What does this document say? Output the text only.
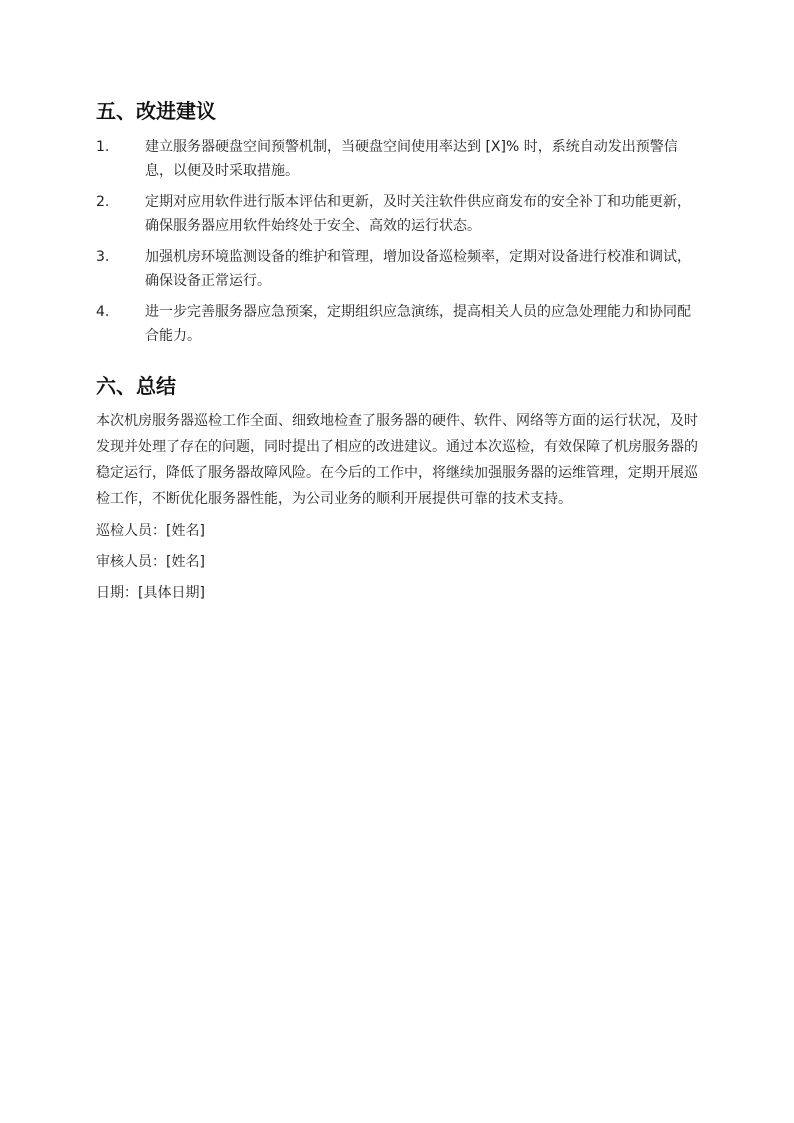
五、改进建议
1.	建立服务器硬盘空间预警机制，当硬盘空间使用率达到 [X]% 时，系统自动发出预警信息，以便及时采取措施。
2.	定期对应用软件进行版本评估和更新，及时关注软件供应商发布的安全补丁和功能更新，确保服务器应用软件始终处于安全、高效的运行状态。
3.	加强机房环境监测设备的维护和管理，增加设备巡检频率，定期对设备进行校准和调试，确保设备正常运行。
4.	进一步完善服务器应急预案，定期组织应急演练，提高相关人员的应急处理能力和协同配合能力。
六、总结

本次机房服务器巡检工作全面、细致地检查了服务器的硬件、软件、网络等方面的运行状况，及时发现并处理了存在的问题，同时提出了相应的改进建议。通过本次巡检，有效保障了机房服务器的稳定运行，降低了服务器故障风险。在今后的工作中，将继续加强服务器的运维管理，定期开展巡检工作，不断优化服务器性能，为公司业务的顺利开展提供可靠的技术支持。

巡检人员：[姓名]

审核人员：[姓名]

日期：[具体日期]
